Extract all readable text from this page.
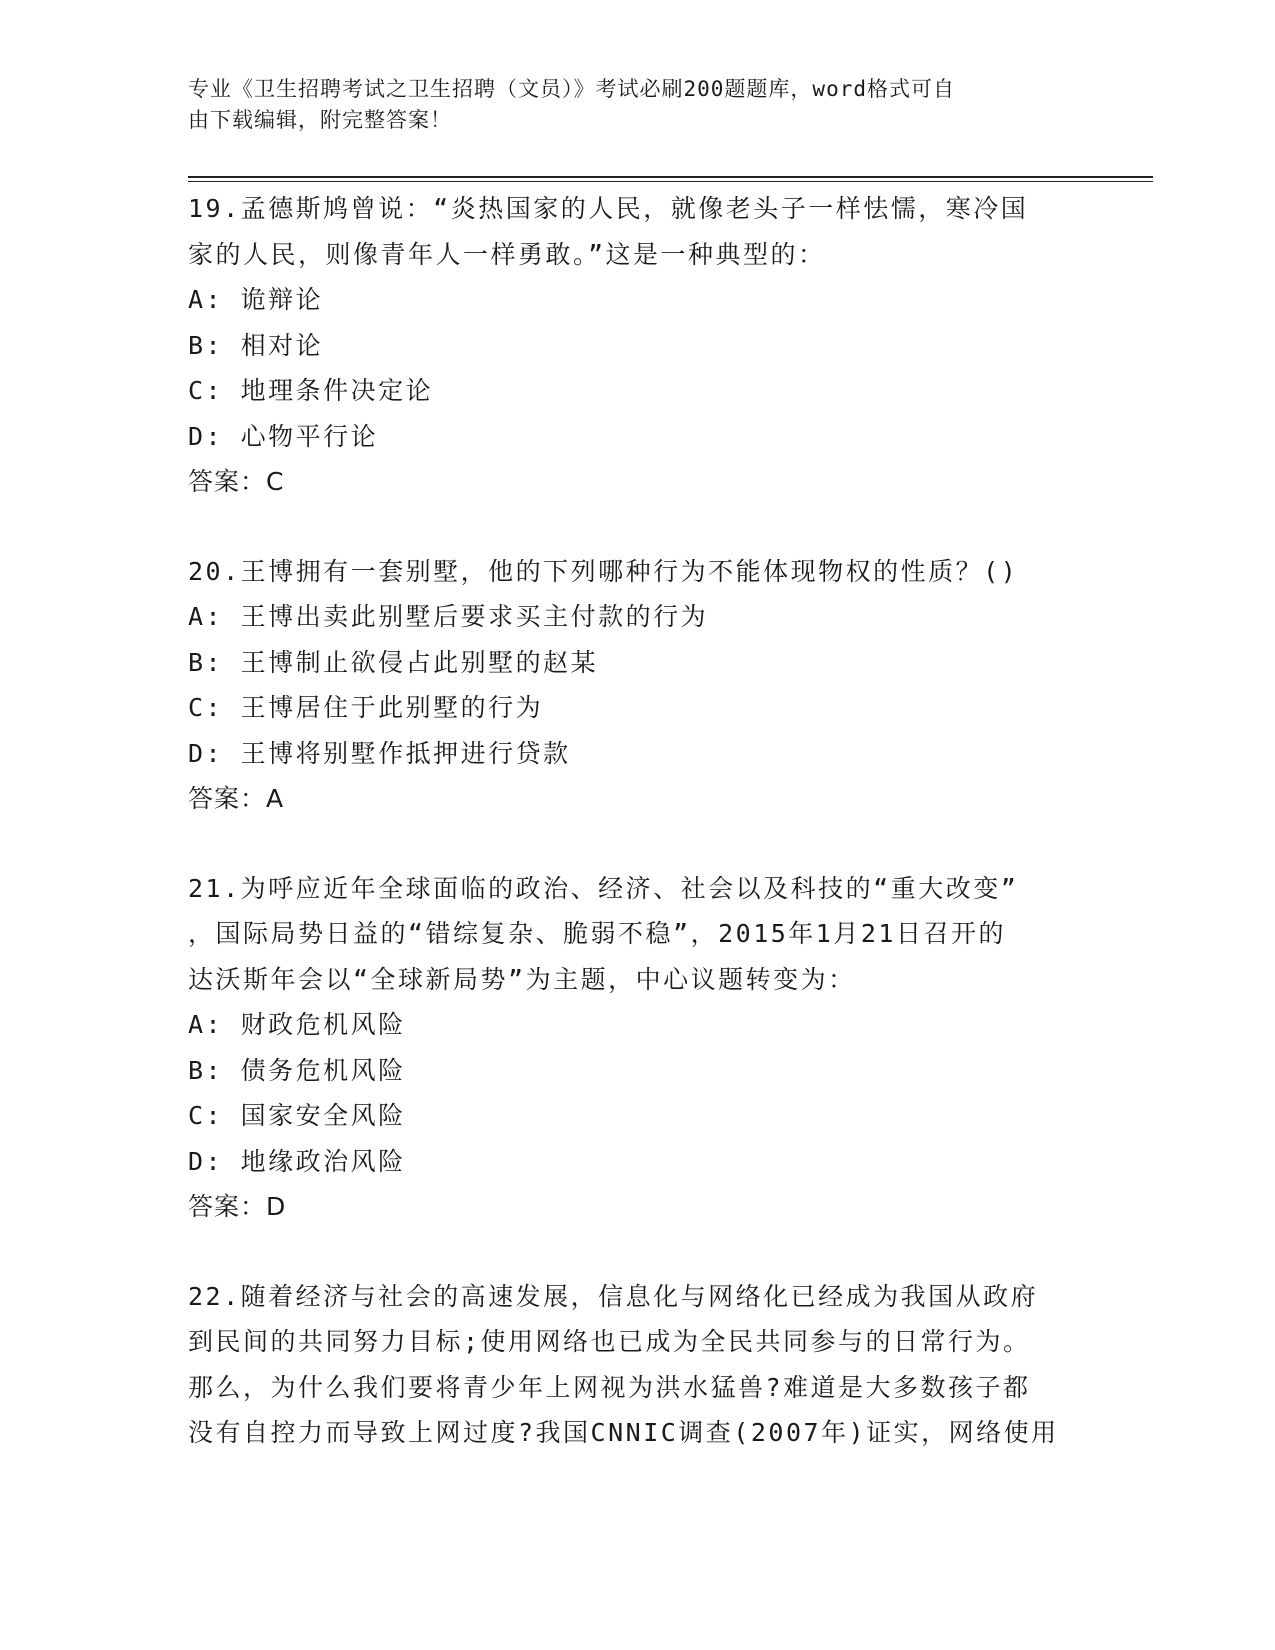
专业《卫生招聘考试之卫生招聘（文员）》考试必刷200题题库，word格式可自
由下载编辑，附完整答案！
19.孟德斯鸠曾说：“炎热国家的人民，就像老头子一样怯懦，寒冷国
家的人民，则像青年人一样勇敢。”这是一种典型的：
A: 诡辩论
B: 相对论
C: 地理条件决定论
D: 心物平行论
答案：C
20.王博拥有一套别墅，他的下列哪种行为不能体现物权的性质？()
A: 王博出卖此别墅后要求买主付款的行为
B: 王博制止欲侵占此别墅的赵某
C: 王博居住于此别墅的行为
D: 王博将别墅作抵押进行贷款
答案：A
21.为呼应近年全球面临的政治、经济、社会以及科技的“重大改变”
，国际局势日益的“错综复杂、脆弱不稳”，2015年1月21日召开的
达沃斯年会以“全球新局势”为主题，中心议题转变为：
A: 财政危机风险
B: 债务危机风险
C: 国家安全风险
D: 地缘政治风险
答案：D
22.随着经济与社会的高速发展，信息化与网络化已经成为我国从政府
到民间的共同努力目标;使用网络也已成为全民共同参与的日常行为。
那么，为什么我们要将青少年上网视为洪水猛兽?难道是大多数孩子都
没有自控力而导致上网过度?我国CNNIC调查(2007年)证实，网络使用
